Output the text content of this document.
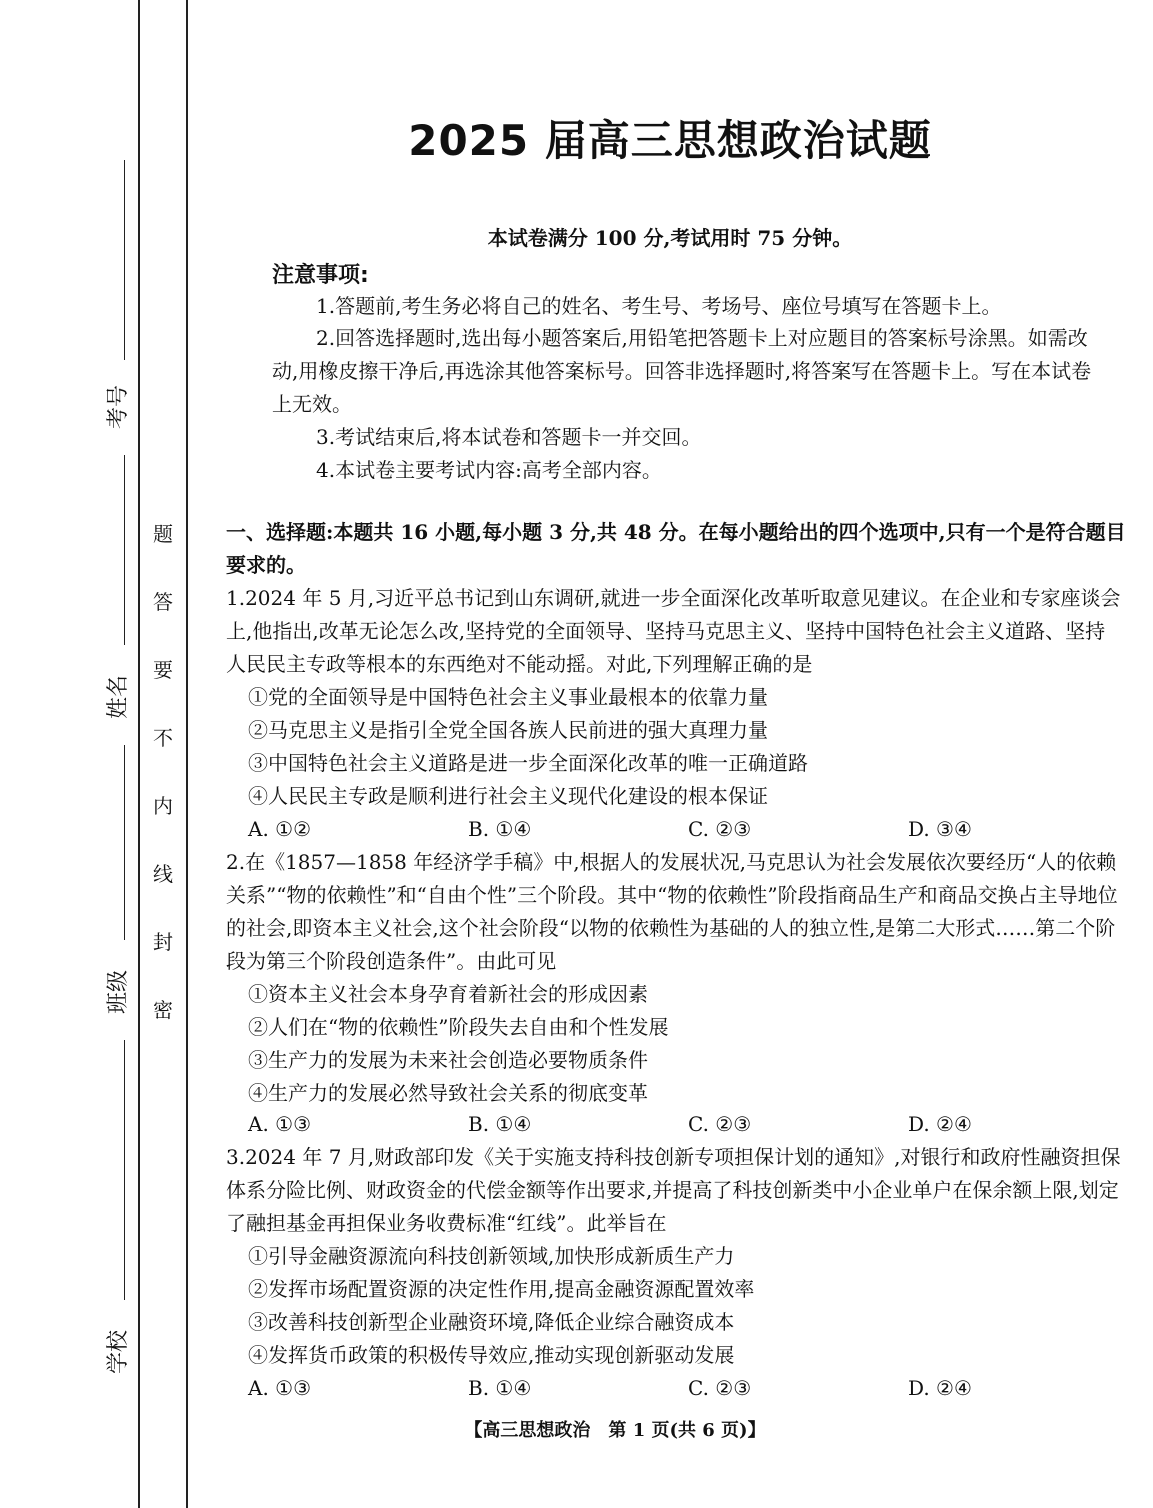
考号
姓名
班级
学校
题
答
要
不
内
线
封
密
2025 届高三思想政治试题
本试卷满分 100 分,考试用时 75 分钟。
注意事项:
1.答题前,考生务必将自己的姓名、考生号、考场号、座位号填写在答题卡上。
2.回答选择题时,选出每小题答案后,用铅笔把答题卡上对应题目的答案标号涂黑。如需改动,用橡皮擦干净后,再选涂其他答案标号。回答非选择题时,将答案写在答题卡上。写在本试卷上无效。
3.考试结束后,将本试卷和答题卡一并交回。
4.本试卷主要考试内容:高考全部内容。
一、选择题:本题共 16 小题,每小题 3 分,共 48 分。在每小题给出的四个选项中,只有一个是符合题目要求的。
1.2024 年 5 月,习近平总书记到山东调研,就进一步全面深化改革听取意见建议。在企业和专家座谈会上,他指出,改革无论怎么改,坚持党的全面领导、坚持马克思主义、坚持中国特色社会主义道路、坚持人民民主专政等根本的东西绝对不能动摇。对此,下列理解正确的是
①党的全面领导是中国特色社会主义事业最根本的依靠力量
②马克思主义是指引全党全国各族人民前进的强大真理力量
③中国特色社会主义道路是进一步全面深化改革的唯一正确道路
④人民民主专政是顺利进行社会主义现代化建设的根本保证
A. ①②	B. ①④	C. ②③	D. ③④
2.在《1857—1858 年经济学手稿》中,根据人的发展状况,马克思认为社会发展依次要经历“人的依赖关系”“物的依赖性”和“自由个性”三个阶段。其中“物的依赖性”阶段指商品生产和商品交换占主导地位的社会,即资本主义社会,这个社会阶段“以物的依赖性为基础的人的独立性,是第二大形式……第二个阶段为第三个阶段创造条件”。由此可见
①资本主义社会本身孕育着新社会的形成因素
②人们在“物的依赖性”阶段失去自由和个性发展
③生产力的发展为未来社会创造必要物质条件
④生产力的发展必然导致社会关系的彻底变革
A. ①③	B. ①④	C. ②③	D. ②④
3.2024 年 7 月,财政部印发《关于实施支持科技创新专项担保计划的通知》,对银行和政府性融资担保体系分险比例、财政资金的代偿金额等作出要求,并提高了科技创新类中小企业单户在保余额上限,划定了融担基金再担保业务收费标准“红线”。此举旨在
①引导金融资源流向科技创新领域,加快形成新质生产力
②发挥市场配置资源的决定性作用,提高金融资源配置效率
③改善科技创新型企业融资环境,降低企业综合融资成本
④发挥货币政策的积极传导效应,推动实现创新驱动发展
A. ①③	B. ①④	C. ②③	D. ②④
【高三思想政治　第 1 页(共 6 页)】
